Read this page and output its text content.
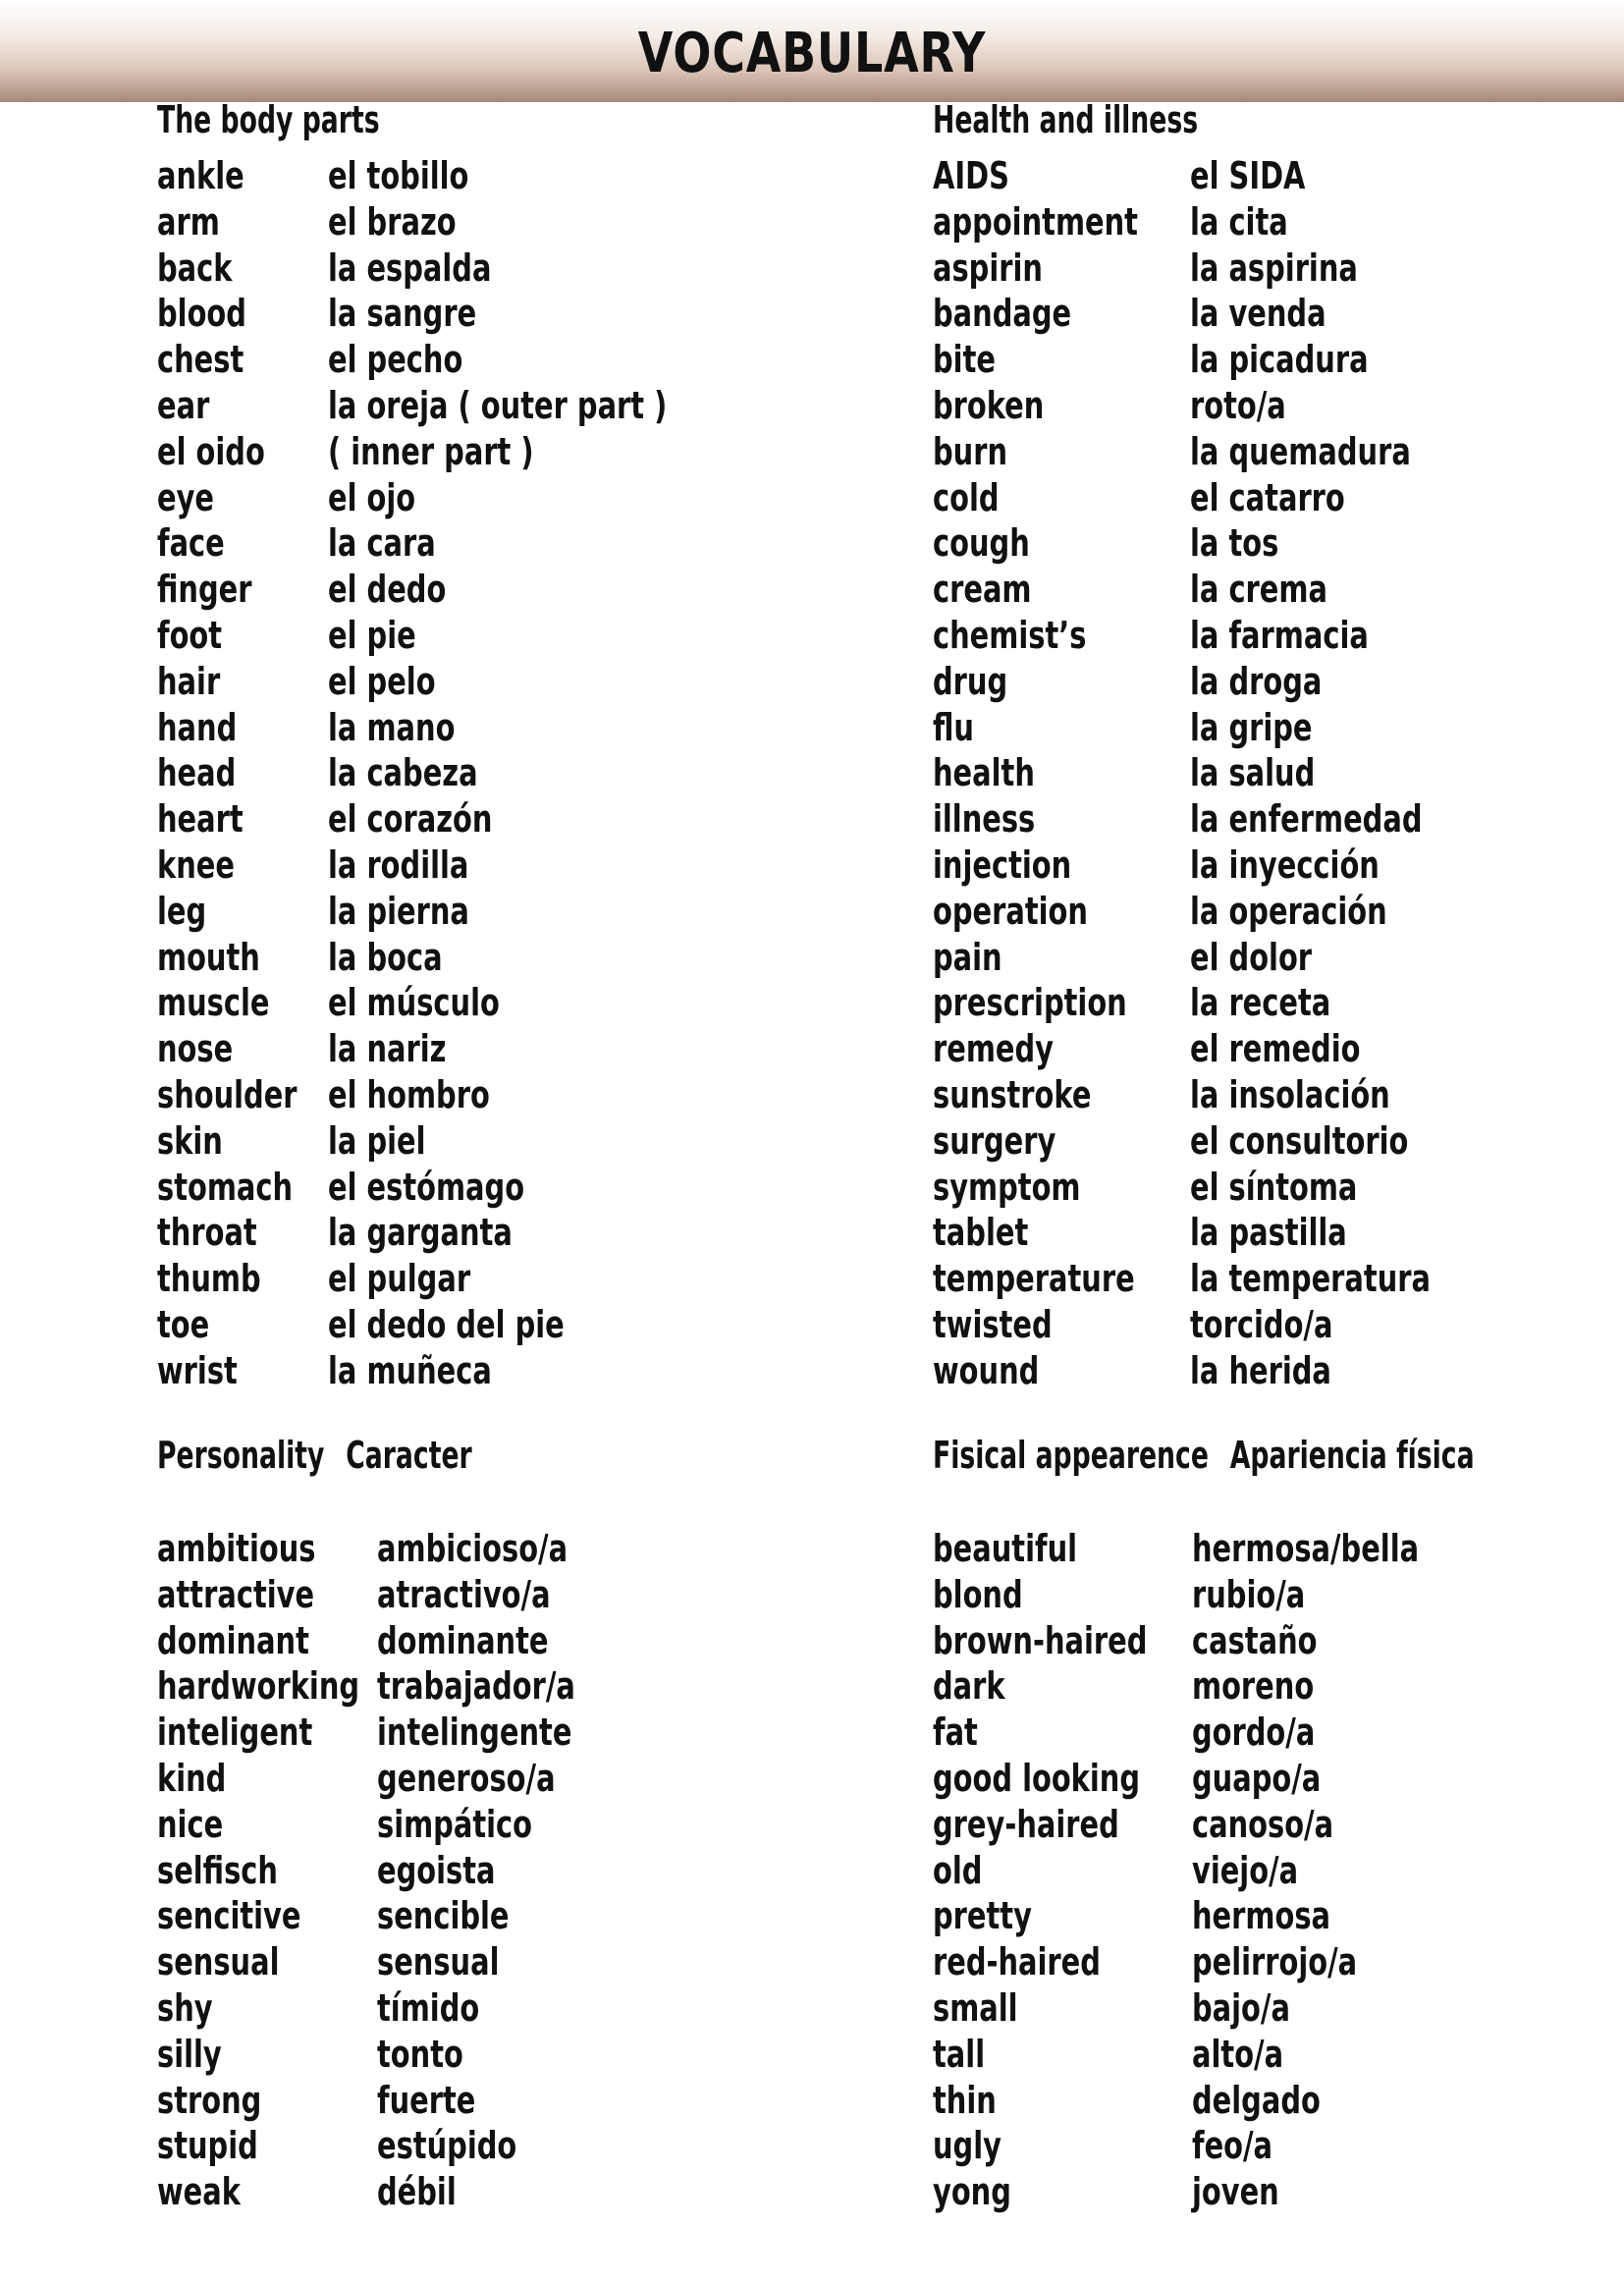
VOCABULARY
The body parts
ankle el tobillo
arm	el brazo
back	la espalda
blood la sangre
chest el pecho
ear	la oreja ( outer part )
el oido ( inner part )
eye	el ojo
face	la cara
finger el dedo
foot	el pie
hair	el pelo
hand la mano
head la cabeza
heart el corazón
knee	la rodilla
leg	la pierna
mouth la boca
muscle el músculo
nose	la nariz
shoulder el hombro
skin	la piel
stomach el estómago
throat la garganta
thumb el pulgar
toe	el dedo del pie
wrist la muñeca
Health and illness
AIDS	el SIDA
appointment la cita
aspirin	la aspirina
bandage	la venda
bite	la picadura
broken	roto/a
burn	la quemadura
cold	el catarro
cough	la tos
cream	la crema
chemist’s	la farmacia
drug	la droga
flu	la gripe
health	la salud
illness	la enfermedad
injection	la inyección
operation	la operación
pain	el dolor
prescription la receta
remedy	el remedio
sunstroke	la insolación
surgery	el consultorio
symptom	el síntoma
tablet	la pastilla
temperature la temperatura
twisted	torcido/a
wound	la herida
Personality Caracter
ambitious ambicioso/a
attractive atractivo/a
dominant dominante
hardworking trabajador/a
inteligent intelingente
kind	generoso/a
nice	simpático
selfisch	egoista
sencitive sencible
sensual	sensual
shy	tímido
silly	tonto
strong	fuerte
stupid	estúpido
weak	débil
Fisical appearence Apariencia física
beautiful	hermosa/bella
blond	rubio/a
brown-haired castaño
dark	moreno
fat	gordo/a
good looking guapo/a
grey-haired canoso/a
old	viejo/a
pretty	hermosa
red-haired pelirrojo/a
small	bajo/a
tall	alto/a
thin	delgado
ugly	feo/a
yong	joven
